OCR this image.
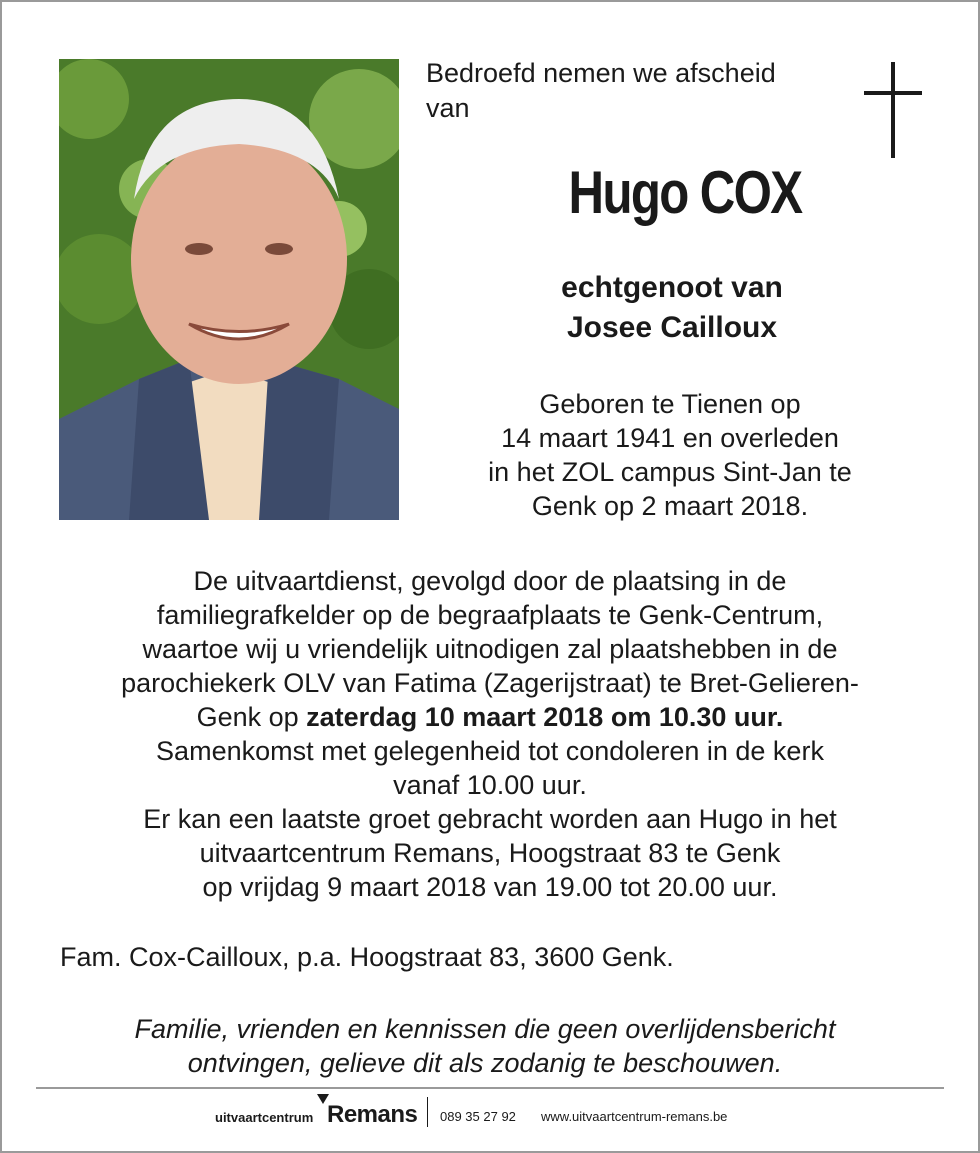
Bedroefd nemen we afscheid
van
Hugo COX
echtgenoot van
Josee Cailloux
Geboren te Tienen op
14 maart 1941 en overleden
in het ZOL campus Sint-Jan te
Genk op 2 maart 2018.
De uitvaartdienst, gevolgd door de plaatsing in de
familiegrafkelder op de begraafplaats te Genk-Centrum,
waartoe wij u vriendelijk uitnodigen zal plaatshebben in de
parochiekerk OLV van Fatima (Zagerijstraat) te Bret-Gelieren-
Genk op zaterdag 10 maart 2018 om 10.30 uur.
Samenkomst met gelegenheid tot condoleren in de kerk
vanaf 10.00 uur.
Er kan een laatste groet gebracht worden aan Hugo in het
uitvaartcentrum Remans, Hoogstraat 83 te Genk
op vrijdag 9 maart 2018 van 19.00 tot 20.00 uur.
Fam. Cox-Cailloux, p.a. Hoogstraat 83, 3600 Genk.
Familie, vrienden en kennissen die geen overlijdensbericht
ontvingen, gelieve dit als zodanig te beschouwen.
uitvaartcentrum Remans 089 35 27 92 www.uitvaartcentrum-remans.be
